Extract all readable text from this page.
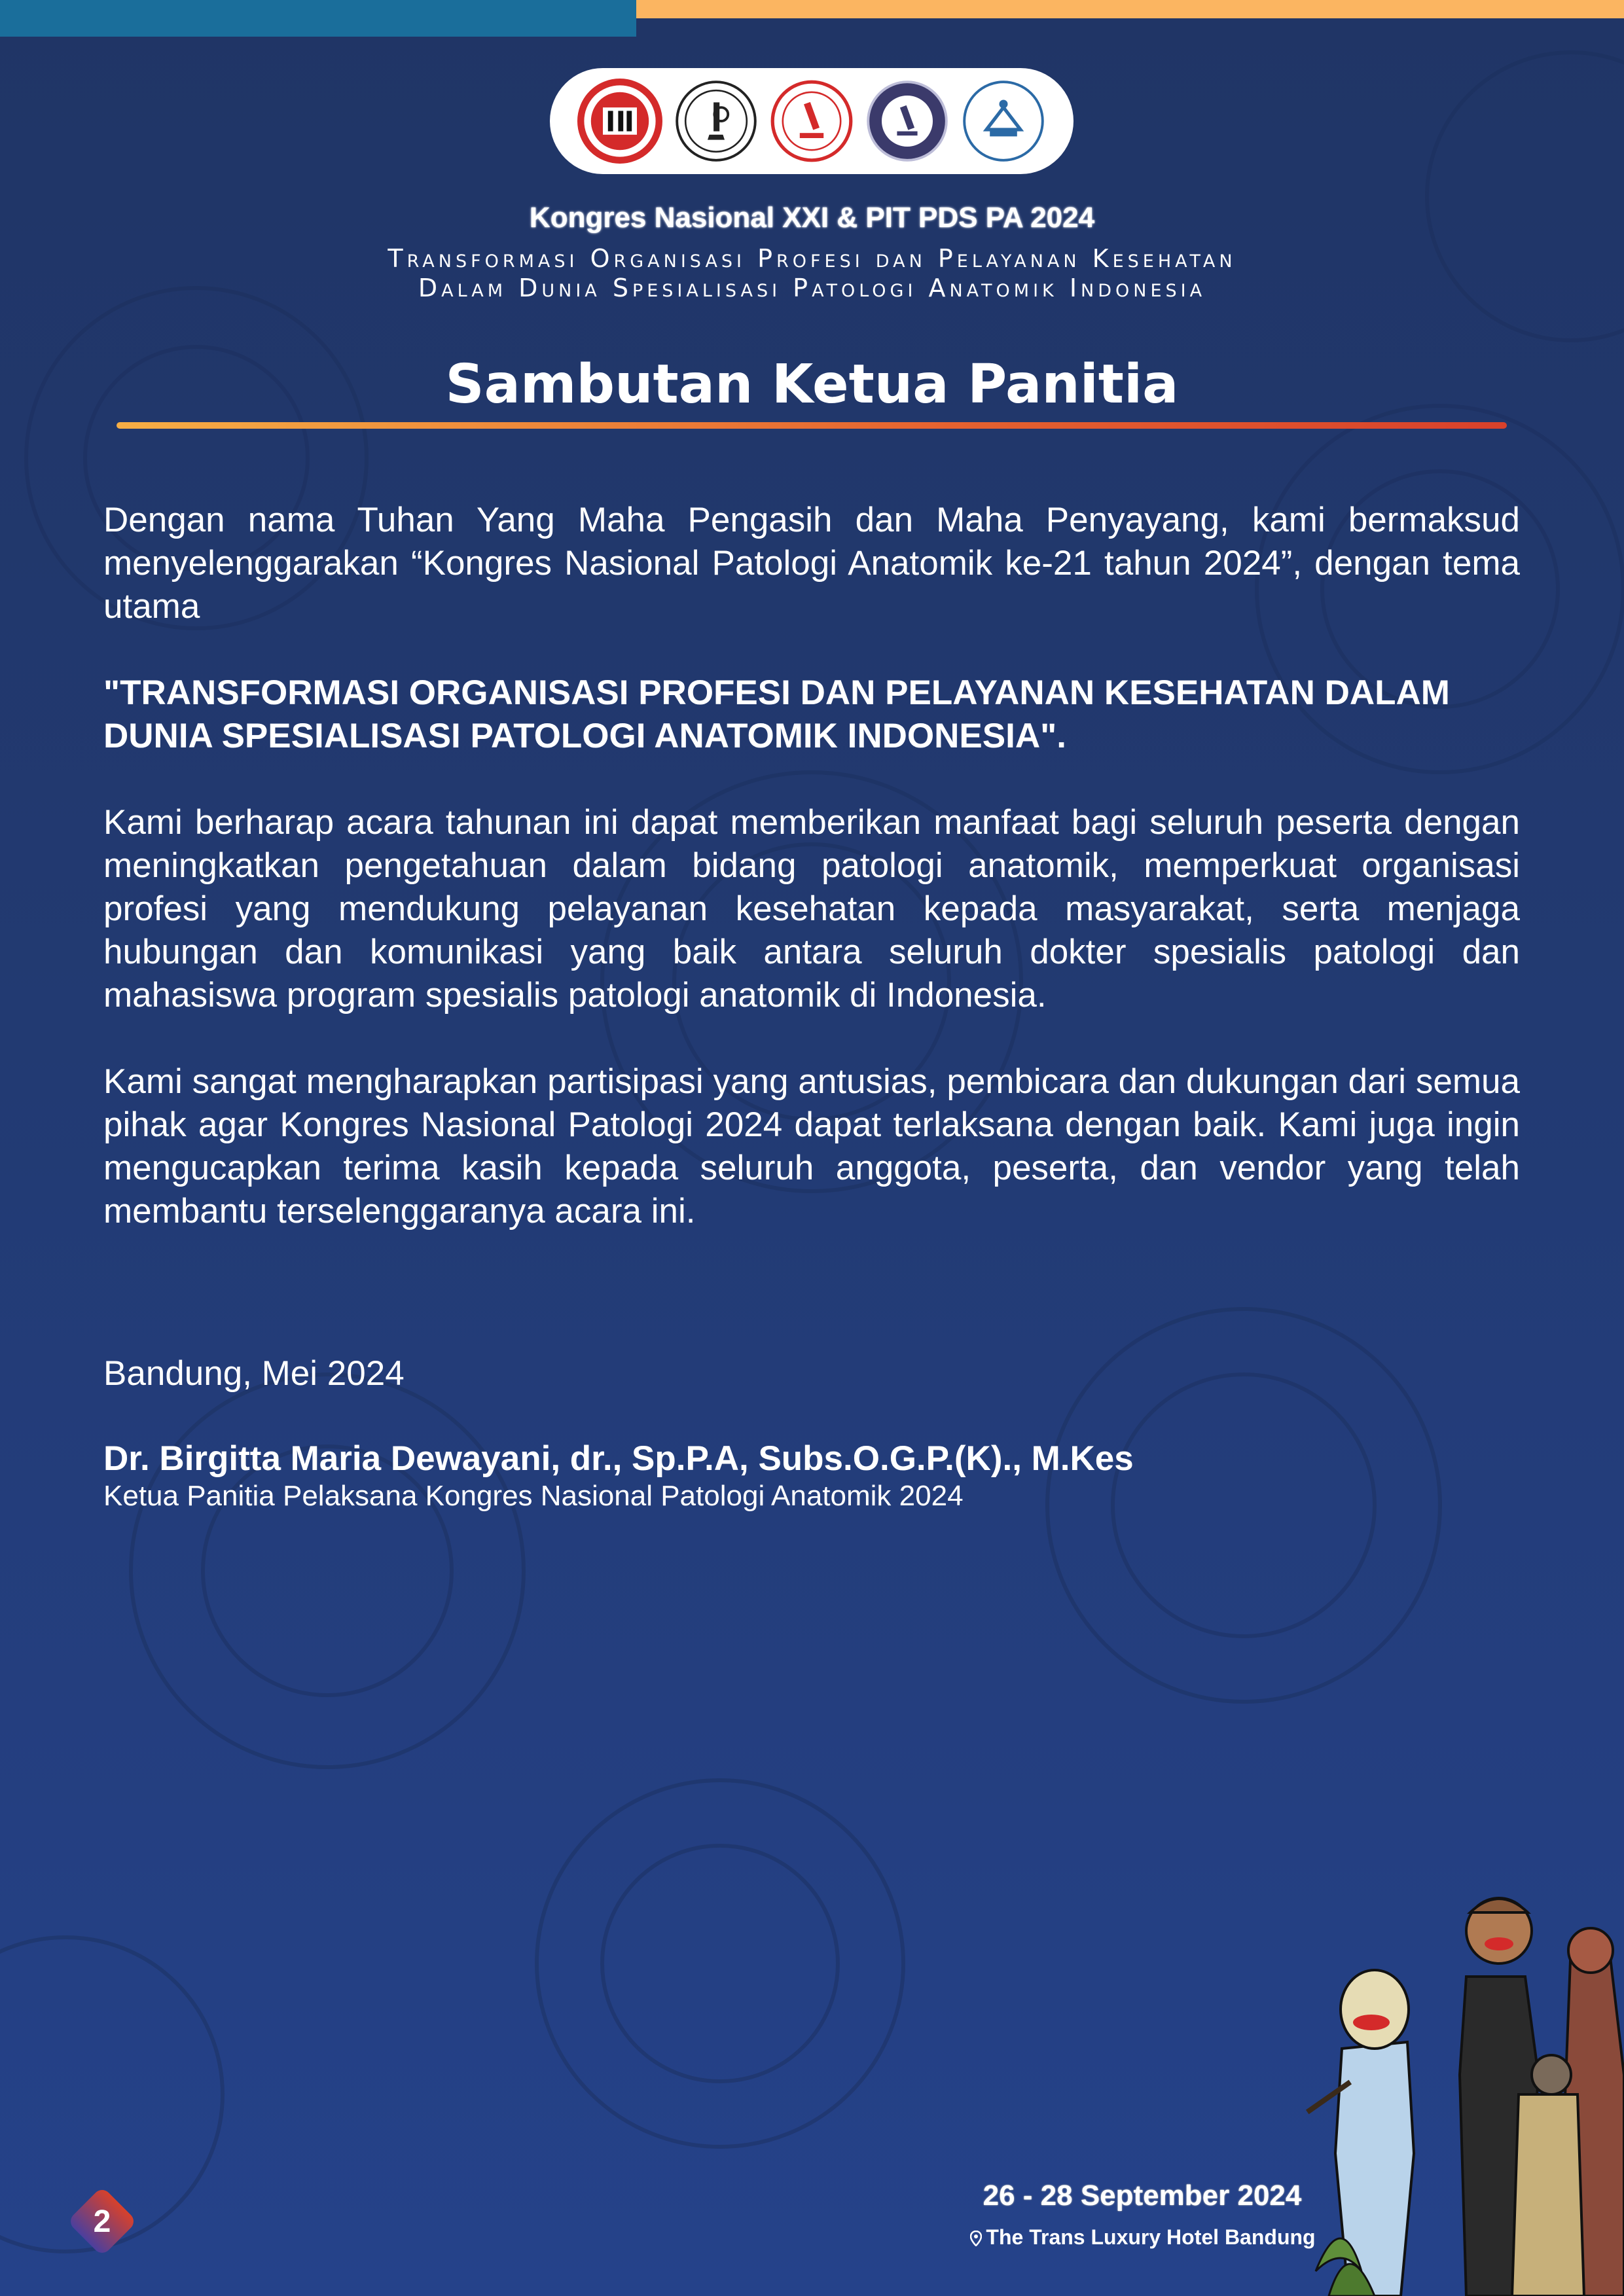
Kongres Nasional XXI & PIT PDS PA 2024
Transformasi Organisasi Profesi dan Pelayanan Kesehatan
Dalam Dunia Spesialisasi Patologi Anatomik Indonesia
Sambutan Ketua Panitia

Dengan nama Tuhan Yang Maha Pengasih dan Maha Penyayang, kami bermaksud menyelenggarakan “Kongres Nasional Patologi Anatomik ke-21 tahun 2024”, dengan tema utama

"TRANSFORMASI ORGANISASI PROFESI DAN PELAYANAN KESEHATAN DALAM DUNIA SPESIALISASI PATOLOGI ANATOMIK INDONESIA".

Kami berharap acara tahunan ini dapat memberikan manfaat bagi seluruh peserta dengan meningkatkan pengetahuan dalam bidang patologi anatomik, memperkuat organisasi profesi yang mendukung pelayanan kesehatan kepada masyarakat, serta menjaga hubungan dan komunikasi yang baik antara seluruh dokter spesialis patologi dan mahasiswa program spesialis patologi anatomik di Indonesia.

Kami sangat mengharapkan partisipasi yang antusias, pembicara dan dukungan dari semua pihak agar Kongres Nasional Patologi 2024 dapat terlaksana dengan baik. Kami juga ingin mengucapkan terima kasih kepada seluruh anggota, peserta, dan vendor yang telah membantu terselenggaranya acara ini.

Bandung, Mei 2024
Dr. Birgitta Maria Dewayani, dr., Sp.P.A, Subs.O.G.P.(K)., M.Kes
Ketua Panitia Pelaksana Kongres Nasional Patologi Anatomik 2024
26 - 28 September 2024
The Trans Luxury Hotel Bandung
2
